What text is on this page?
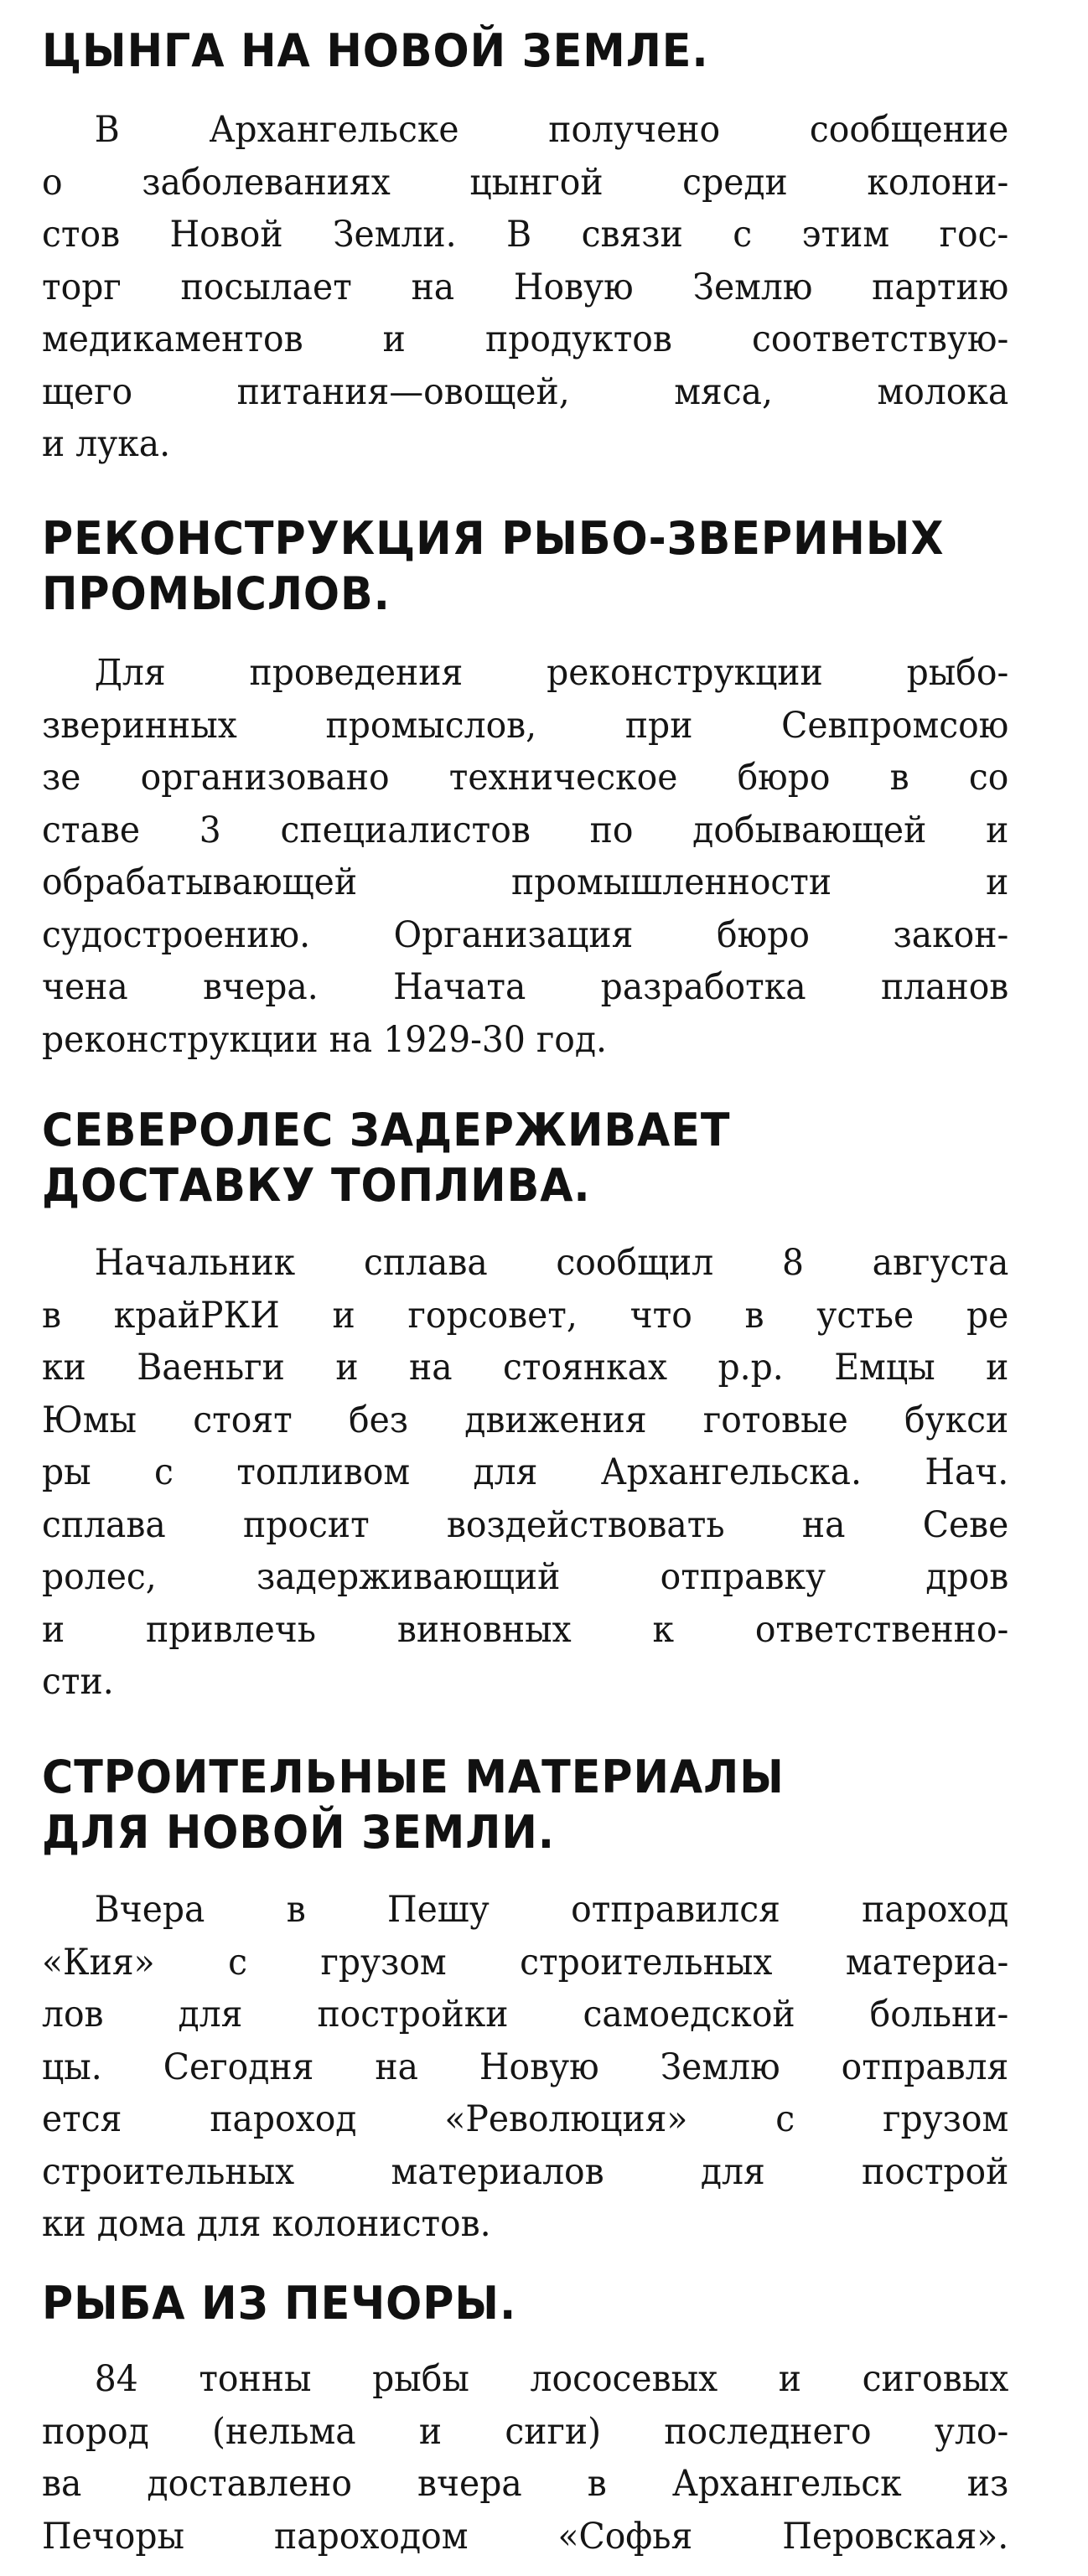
ЦЫНГА НА НОВОЙ ЗЕМЛЕ.

В Архангельске получено сообщение
о заболеваниях цынгой среди колони-
стов Новой Земли. В связи с этим гос-
торг посылает на Новую Землю партию
медикаментов и продуктов соответствую-
щего питания—овощей, мяса, молока
и лука.

РЕКОНСТРУКЦИЯ РЫБО-ЗВЕРИНЫХ
ПРОМЫСЛОВ.

Для проведения реконструкции рыбо-
зверинных промыслов, при Севпромсою
зе организовано техническое бюро в со
ставе 3 специалистов по добывающей и
обрабатывающей промышленности и
судостроению. Организация бюро закон-
чена вчера. Начата разработка планов
реконструкции на 1929-30 год.

СЕВЕРОЛЕС ЗАДЕРЖИВАЕТ
ДОСТАВКУ ТОПЛИВА.

Начальник сплава сообщил 8 августа
в крайРКИ и горсовет, что в устье ре
ки Ваеньги и на стоянках р.р. Емцы и
Юмы стоят без движения готовые букси
ры с топливом для Архангельска. Нач.
сплава просит воздействовать на Севе
ролес, задерживающий отправку дров
и привлечь виновных к ответственно-
сти.

СТРОИТЕЛЬНЫЕ МАТЕРИАЛЫ
ДЛЯ НОВОЙ ЗЕМЛИ.

Вчера в Пешу отправился пароход
«Кия» с грузом строительных материа-
лов для постройки самоедской больни-
цы. Сегодня на Новую Землю отправля
ется пароход «Революция» с грузом
строительных материалов для построй
ки дома для колонистов.

РЫБА ИЗ ПЕЧОРЫ.

84 тонны рыбы лососевых и сиговых
пород (нельма и сиги) последнего уло-
ва доставлено вчера в Архангельск из
Печоры пароходом «Софья Перовская».
